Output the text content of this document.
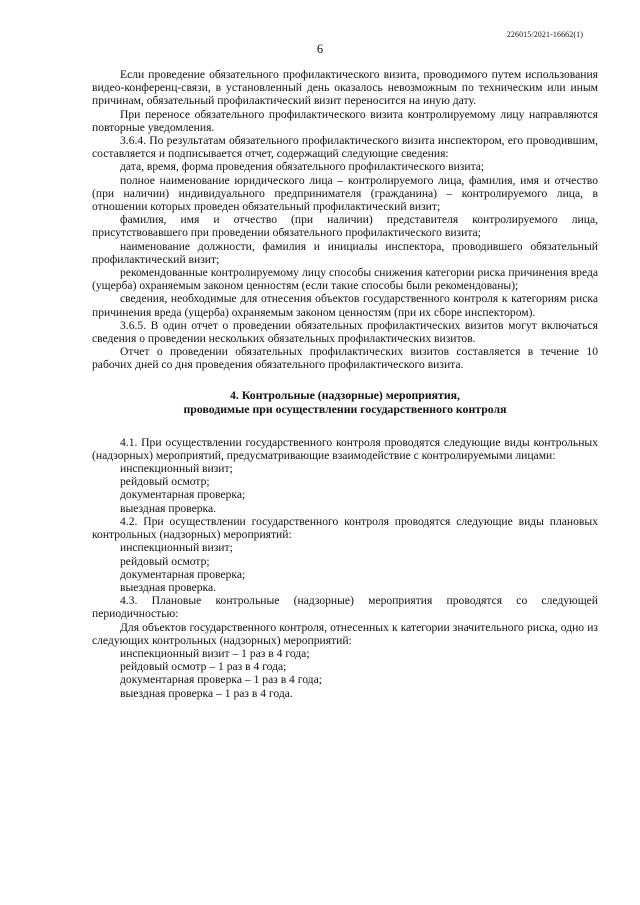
226015/2021-16662(1)
6

Если проведение обязательного профилактического визита, проводимого путем использования видео-конференц-связи, в установленный день оказалось невозможным по техническим или иным причинам, обязательный профилактический визит переносится на иную дату.

При переносе обязательного профилактического визита контролируемому лицу направляются повторные уведомления.

3.6.4. По результатам обязательного профилактического визита инспектором, его проводившим, составляется и подписывается отчет, содержащий следующие сведения:

дата, время, форма проведения обязательного профилактического визита;

полное наименование юридического лица – контролируемого лица, фамилия, имя и отчество (при наличии) индивидуального предпринимателя (гражданина) – контролируемого лица, в отношении которых проведен обязательный профилактический визит;

фамилия, имя и отчество (при наличии) представителя контролируемого лица, присутствовавшего при проведении обязательного профилактического визита;

наименование должности, фамилия и инициалы инспектора, проводившего обязательный профилактический визит;

рекомендованные контролируемому лицу способы снижения категории риска причинения вреда (ущерба) охраняемым законом ценностям (если такие способы были рекомендованы);

сведения, необходимые для отнесения объектов государственного контроля к категориям риска причинения вреда (ущерба) охраняемым законом ценностям (при их сборе инспектором).

3.6.5. В один отчет о проведении обязательных профилактических визитов могут включаться сведения о проведении нескольких обязательных профилактических визитов.

Отчет о проведении обязательных профилактических визитов составляется в течение 10 рабочих дней со дня проведения обязательного профилактического визита.

4. Контрольные (надзорные) мероприятия,
проводимые при осуществлении государственного контроля

4.1. При осуществлении государственного контроля проводятся следующие виды контрольных (надзорных) мероприятий, предусматривающие взаимодействие с контролируемыми лицами:

инспекционный визит;

рейдовый осмотр;

документарная проверка;

выездная проверка.

4.2. При осуществлении государственного контроля проводятся следующие виды плановых контрольных (надзорных) мероприятий:

инспекционный визит;

рейдовый осмотр;

документарная проверка;

выездная проверка.

4.3. Плановые контрольные (надзорные) мероприятия проводятся со следующей периодичностью:

Для объектов государственного контроля, отнесенных к категории значительного риска, одно из следующих контрольных (надзорных) мероприятий:

инспекционный визит – 1 раз в 4 года;

рейдовый осмотр – 1 раз в 4 года;

документарная проверка – 1 раз в 4 года;

выездная проверка – 1 раз в 4 года.
